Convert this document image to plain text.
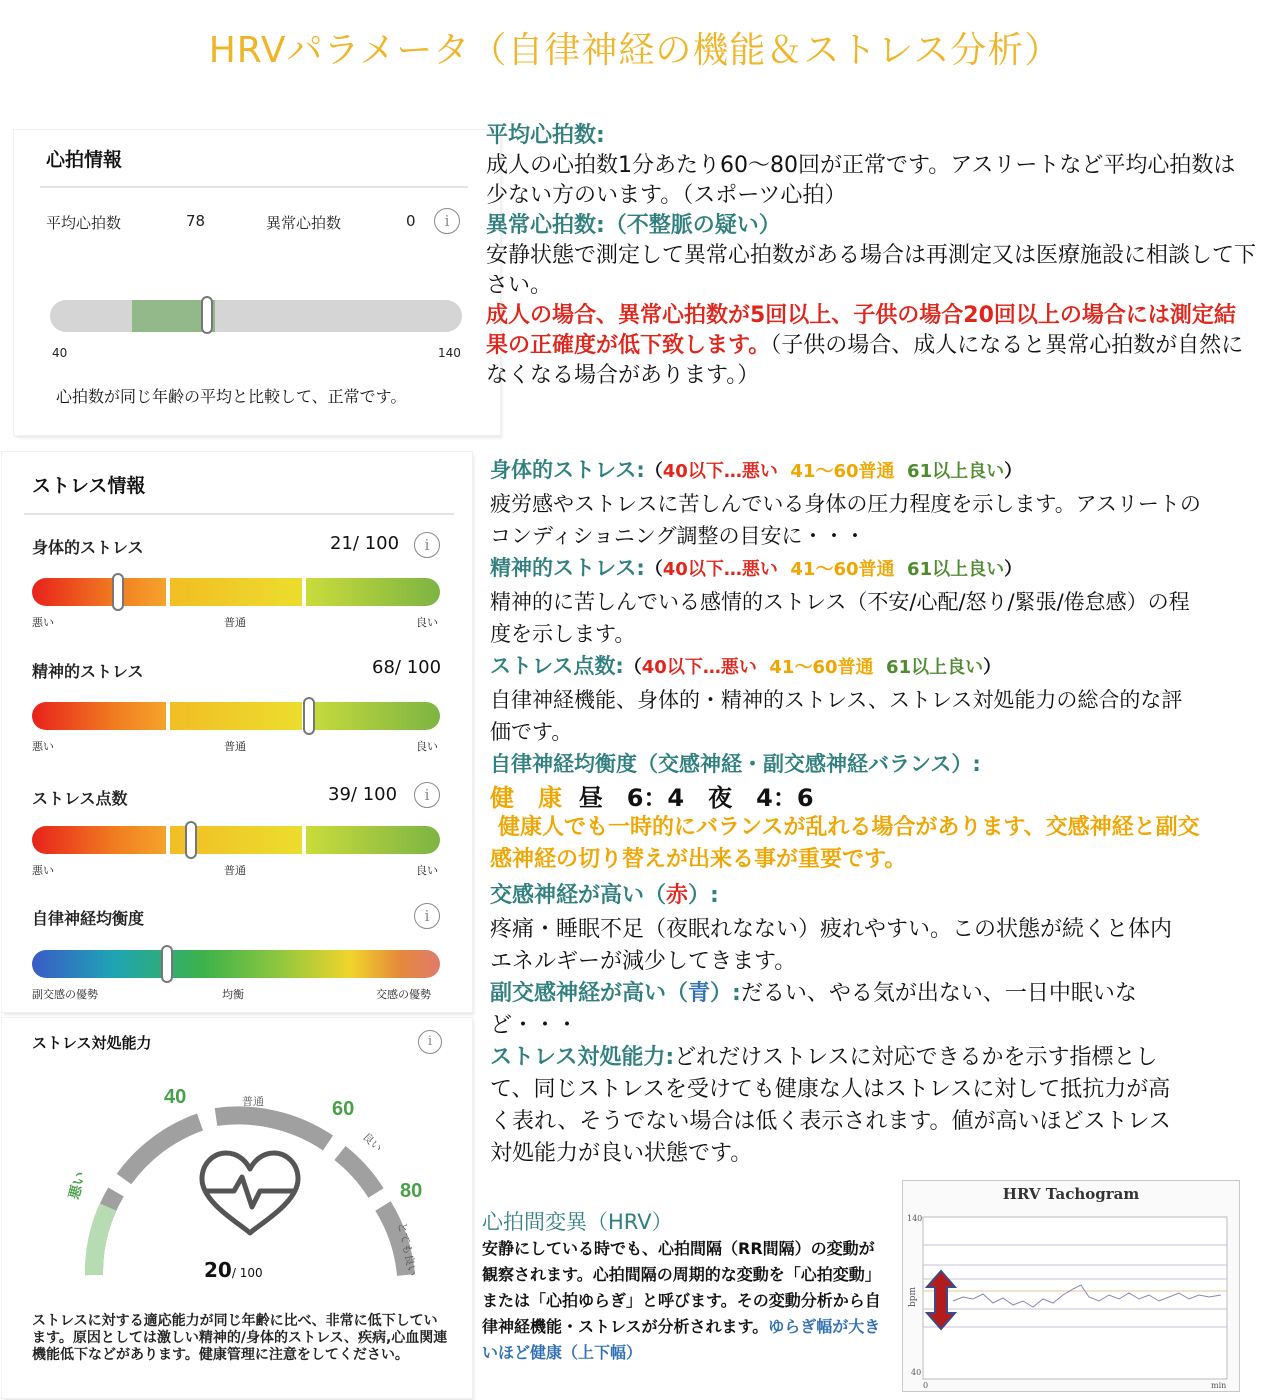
HRVパラメータ（自律神経の機能＆ストレス分析）
心拍情報
平均心拍数	78	異常心拍数	0	i
40	140
心拍数が同じ年齢の平均と比較して、正常です。
ストレス情報
身体的ストレス	21/ 100	i
悪い	普通	良い
精神的ストレス	68/ 100
悪い	普通	良い
ストレス点数	39/ 100	i
悪い	普通	良い
自律神経均衡度	i
副交感の優勢	均衡	交感の優勢
ストレス対処能力	i
40
60
80
悪い
普通
良い
とても良い
20/ 100
ストレスに対する適応能力が同じ年齢に比べ、非常に低下しています。原因としては激しい精神的/身体的ストレス、疾病,心血関連機能低下などがあります。健康管理に注意をしてください。
平均心拍数:
成人の心拍数1分あたり60～80回が正常です。アスリートなど平均心拍数は少ない方のいます。（スポーツ心拍）
異常心拍数:（不整脈の疑い）
安静状態で測定して異常心拍数がある場合は再測定又は医療施設に相談して下さい。
成人の場合、異常心拍数が5回以上、子供の場合20回以上の場合には測定結果の正確度が低下致します。（子供の場合、成人になると異常心拍数が自然になくなる場合があります。）
身体的ストレス:（40以下…悪い 41～60普通 61以上良い）
疲労感やストレスに苦しんでいる身体の圧力程度を示します。アスリートのコンディショニング調整の目安に・・・
精神的ストレス:（40以下…悪い 41～60普通 61以上良い）
精神的に苦しんでいる感情的ストレス（不安/心配/怒り/緊張/倦怠感）の程度を示します。
ストレス点数:（40以下…悪い 41～60普通 61以上良い）
自律神経機能、身体的・精神的ストレス、ストレス対処能力の総合的な評価です。
自律神経均衡度（交感神経・副交感神経バランス）:
健　康 昼　6：4　夜　4：6
健康人でも一時的にバランスが乱れる場合があります、交感神経と副交感神経の切り替えが出来る事が重要です。
交感神経が高い（赤）:
疼痛・睡眠不足（夜眠れなない）疲れやすい。この状態が続くと体内エネルギーが減少してきます。
副交感神経が高い（青）:だるい、やる気が出ない、一日中眠いなど・・・
ストレス対処能力:どれだけストレスに対応できるかを示す指標として、同じストレスを受けても健康な人はストレスに対して抵抗力が高く表れ、そうでない場合は低く表示されます。値が高いほどストレス対処能力が良い状態です。
心拍間変異（HRV）
安静にしている時でも、心拍間隔（RR間隔）の変動が観察されます。心拍間隔の周期的な変動を「心拍変動」または「心拍ゆらぎ」と呼びます。その変動分析から自律神経機能・ストレスが分析されます。ゆらぎ幅が大きいほど健康（上下幅）
HRV Tachogram
bpm
140
40
0	min
